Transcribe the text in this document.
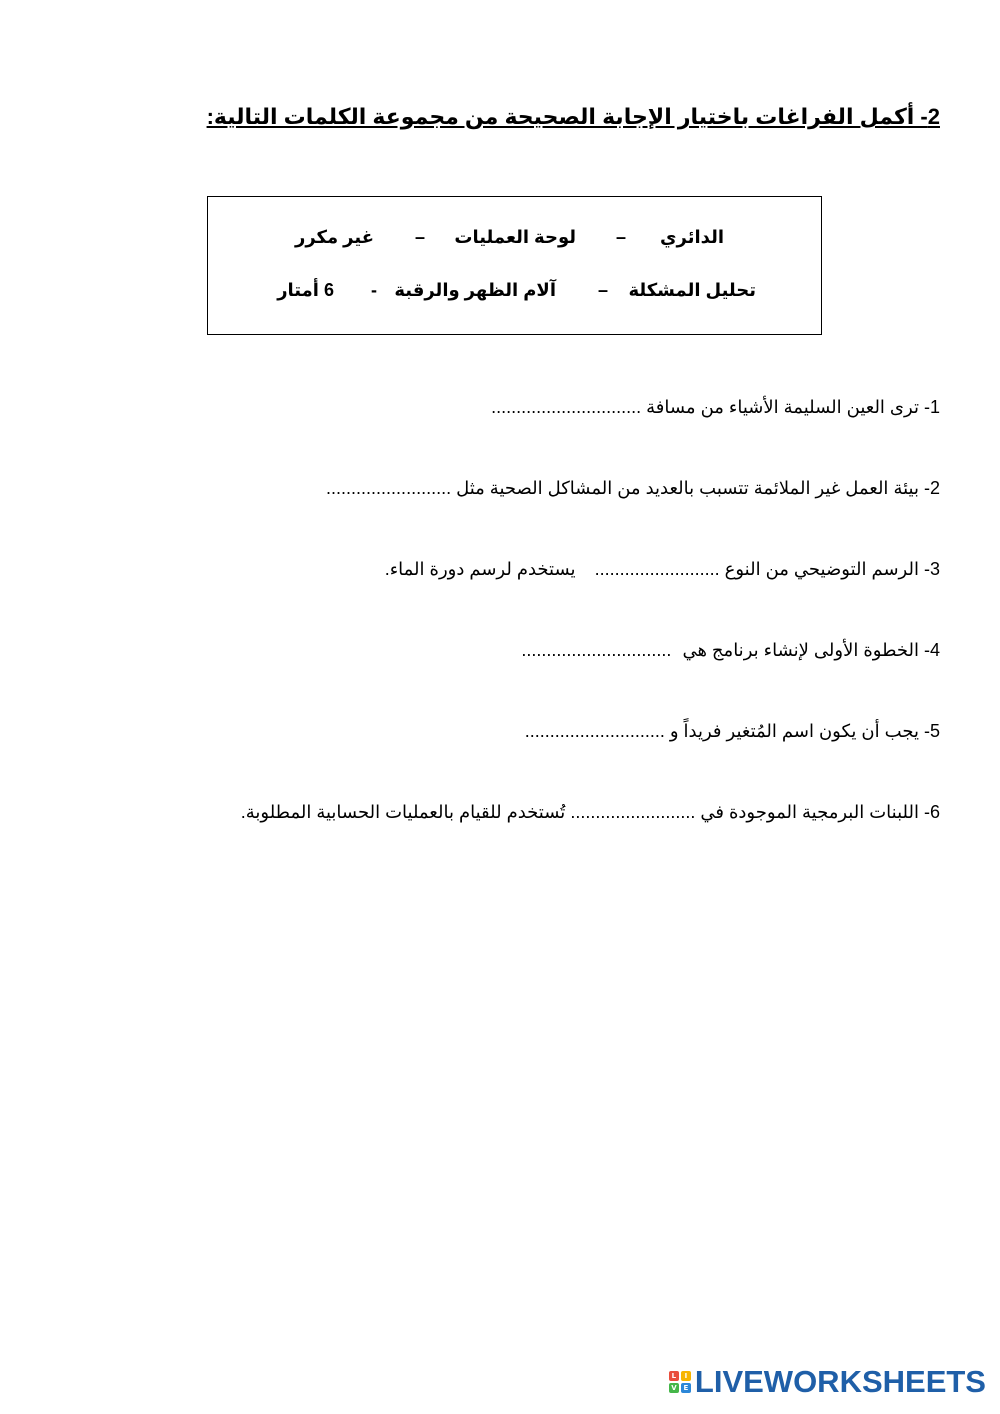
2- أكمل الفراغات باختيار الإجابة الصحيحة من مجموعة الكلمات التالية:
الدائري
–
لوحة العمليات
–
غير مكرر
تحليل المشكلة
–
آلام الظهر والرقبة
-
6 أمتار
1- ترى العين السليمة الأشياء من مسافة ..............................
2- بيئة العمل غير الملائمة تتسبب بالعديد من المشاكل الصحية مثل .........................
3- الرسم التوضيحي من النوع ......................... يستخدم لرسم دورة الماء.
4- الخطوة الأولى لإنشاء برنامج هي ..............................
5- يجب أن يكون اسم المُتغير فريداً و ............................
6- اللبنات البرمجية الموجودة في ......................... تُستخدم للقيام بالعمليات الحسابية المطلوبة.
L	I
V E LIVEWORKSHEETS
